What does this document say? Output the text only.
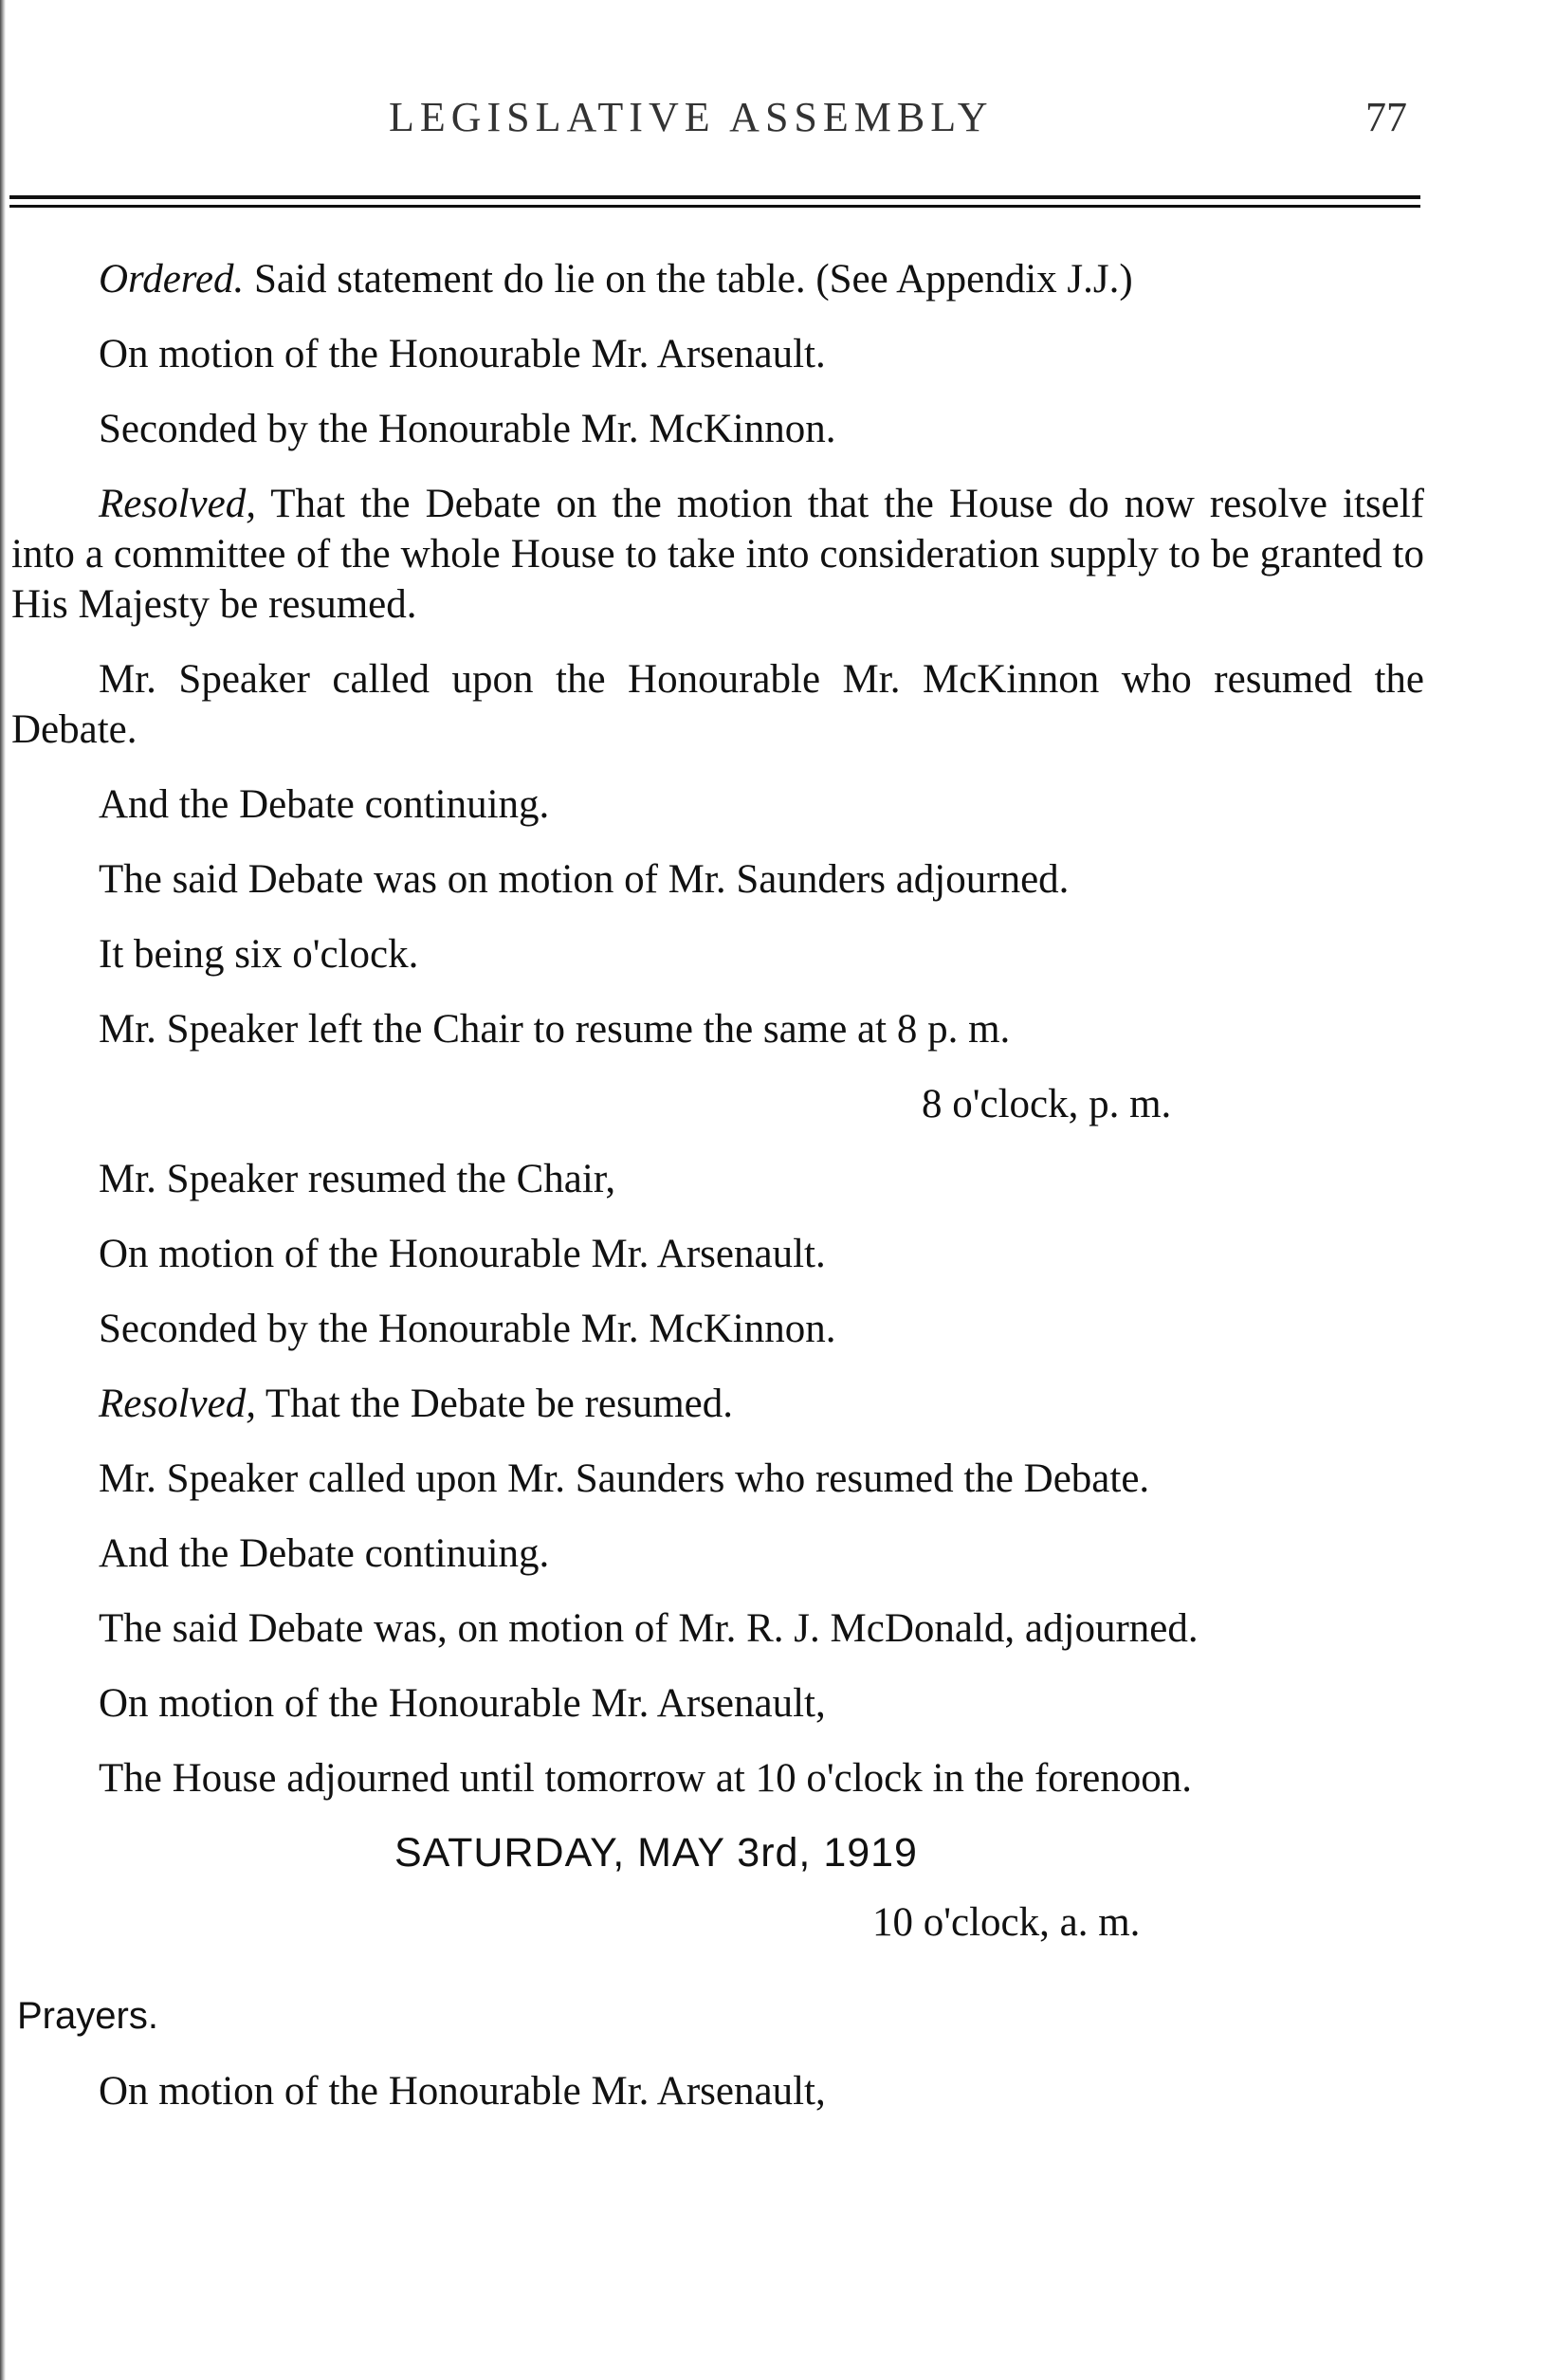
LEGISLATIVE ASSEMBLY	77

Ordered. Said statement do lie on the table. (See Appendix J.J.)

On motion of the Honourable Mr. Arsenault.

Seconded by the Honourable Mr. McKinnon.

Resolved, That the Debate on the motion that the House do now resolve itself into a committee of the whole House to take into consideration supply to be granted to His Majesty be resumed.

Mr. Speaker called upon the Honourable Mr. McKinnon who resumed the Debate.

And the Debate continuing.

The said Debate was on motion of Mr. Saunders adjourned.

It being six o'clock.

Mr. Speaker left the Chair to resume the same at 8 p. m.

8 o'clock, p. m.

Mr. Speaker resumed the Chair,

On motion of the Honourable Mr. Arsenault.

Seconded by the Honourable Mr. McKinnon.

Resolved, That the Debate be resumed.

Mr. Speaker called upon Mr. Saunders who resumed the Debate.

And the Debate continuing.

The said Debate was, on motion of Mr. R. J. McDonald, adjourned.

On motion of the Honourable Mr. Arsenault,

The House adjourned until tomorrow at 10 o'clock in the forenoon.

SATURDAY, MAY 3rd, 1919
10 o'clock, a. m.
Prayers.

On motion of the Honourable Mr. Arsenault,
